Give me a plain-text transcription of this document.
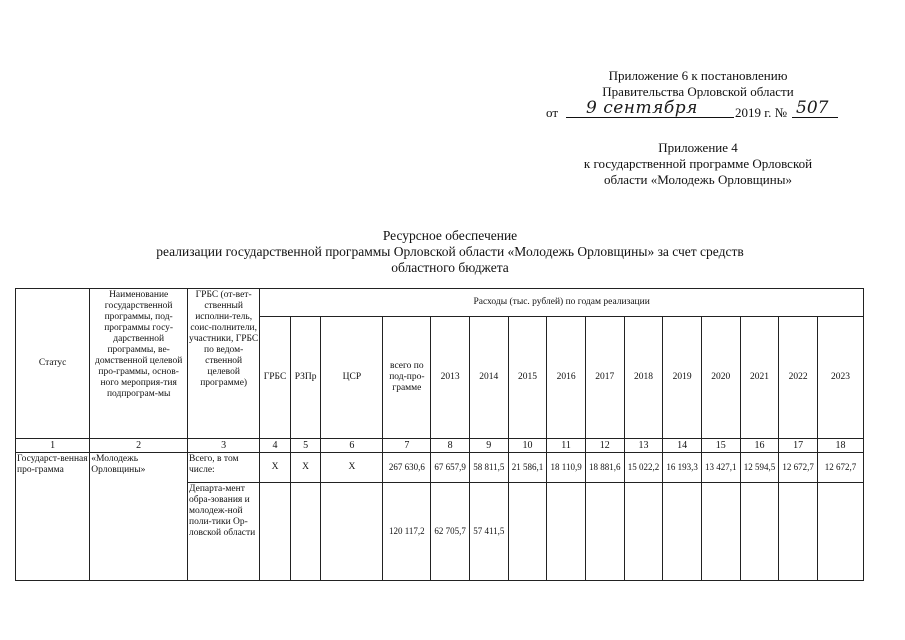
Приложение 6 к постановлению
Правительства Орловской области
от 9 сентября	2019 г. № 507
Приложение 4
к государственной программе Орловской
области «Молодежь Орловщины»
Ресурсное обеспечение
реализации государственной программы Орловской области «Молодежь Орловщины» за счет средств
областного бюджета
Статус	Наименование государственной программы, под-программы госу-дарственной программы, ве-домственной целевой про-граммы, основ-ного мероприя-тия подпрограм-мы	ГРБС (от-вет-ственный исполни-тель, соис-полнители, участники, ГРБС по ведом-ственной целевой программе)	Расходы (тыс. рублей) по годам реализации														
			ГРБС	РЗПр	ЦСР	всего по под-про-грамме	2013	2014	2015	2016	2017	2018	2019	2020	2021	2022	2023
1	2	3	4	5	6	7	8	9	10	11	12	13	14	15	16	17	18
Государст-венная про-грамма	«Молодежь Орловщины»	Всего, в том числе:	Х	Х	Х	267 630,6	67 657,9	58 811,5	21 586,1	18 110,9	18 881,6	15 022,2	16 193,3	13 427,1	12 594,5	12 672,7	12 672,7
		Департа-мент обра-зования и молодеж-ной поли-тики Ор-ловской области				120 117,2	62 705,7	57 411,5									
